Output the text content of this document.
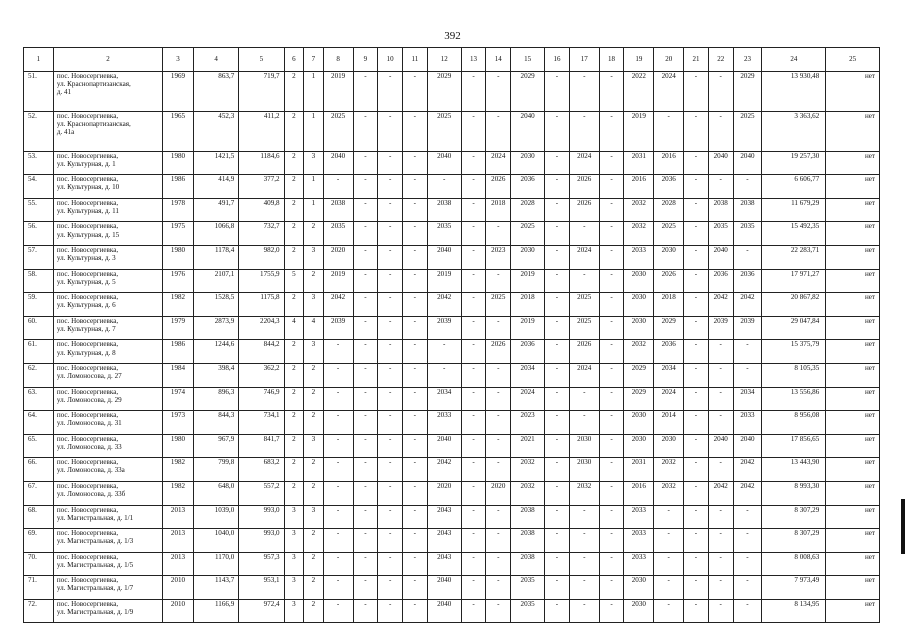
392
1	2	3	4	5	6	7	8	9	10	11	12	13	14	15	16	17	18	19	20	21	22	23	24	25
51.	пос. Новосергиевка,
ул. Краснопартизанская,
д. 41	1969	863,7	719,7	2	1	2019	-	-	-	2029	-	-	2029	-	-	-	2022	2024	-	-	2029	13 930,48	нет
52.	пос. Новосергиевка,
ул. Краснопартизанская,
д. 41а	1965	452,3	411,2	2	1	2025	-	-	-	2025	-	-	2040	-	-	-	2019	-	-	-	2025	3 363,62	нет
53.	пос. Новосергиевка,
ул. Культурная, д. 1	1980	1421,5	1184,6	2	3	2040	-	-	-	2040	-	2024	2030	-	2024	-	2031	2016	-	2040	2040	19 257,30	нет
54.	пос. Новосергиевка,
ул. Культурная, д. 10	1986	414,9	377,2	2	1	-	-	-	-	-	-	2026	2036	-	2026	-	2016	2036	-	-	-	6 606,77	нет
55.	пос. Новосергиевка,
ул. Культурная, д. 11	1978	491,7	409,8	2	1	2038	-	-	-	2038	-	2018	2028	-	2026	-	2032	2028	-	2038	2038	11 679,29	нет
56.	пос. Новосергиевка,
ул. Культурная, д. 15	1975	1066,8	732,7	2	2	2035	-	-	-	2035	-	-	2025	-	-	-	2032	2025	-	2035	2035	15 492,35	нет
57.	пос. Новосергиевка,
ул. Культурная, д. 3	1980	1178,4	982,0	2	3	2020	-	-	-	2040	-	2023	2030	-	2024	-	2033	2030	-	2040	-	22 283,71	нет
58.	пос. Новосергиевка,
ул. Культурная, д. 5	1976	2107,1	1755,9	5	2	2019	-	-	-	2019	-	-	2019	-	-	-	2030	2026	-	2036	2036	17 971,27	нет
59.	пос. Новосергиевка,
ул. Культурная, д. 6	1982	1528,5	1175,8	2	3	2042	-	-	-	2042	-	2025	2018	-	2025	-	2030	2018	-	2042	2042	20 867,82	нет
60.	пос. Новосергиевка,
ул. Культурная, д. 7	1979	2873,9	2204,3	4	4	2039	-	-	-	2039	-	-	2019	-	2025	-	2030	2029	-	2039	2039	29 047,84	нет
61.	пос. Новосергиевка,
ул. Культурная, д. 8	1986	1244,6	844,2	2	3	-	-	-	-	-	-	2026	2036	-	2026	-	2032	2036	-	-	-	15 375,79	нет
62.	пос. Новосергиевка,
ул. Ломоносова, д. 27	1984	398,4	362,2	2	2	-	-	-	-	-	-	-	2034	-	2024	-	2029	2034	-	-	-	8 105,35	нет
63.	пос. Новосергиевка,
ул. Ломоносова, д. 29	1974	896,3	746,9	2	2	-	-	-	-	2034	-	-	2024	-	-	-	2029	2024	-	-	2034	13 556,86	нет
64.	пос. Новосергиевка,
ул. Ломоносова, д. 31	1973	844,3	734,1	2	2	-	-	-	-	2033	-	-	2023	-	-	-	2030	2014	-	-	2033	8 956,08	нет
65.	пос. Новосергиевка,
ул. Ломоносова, д. 33	1980	967,9	841,7	2	3	-	-	-	-	2040	-	-	2021	-	2030	-	2030	2030	-	2040	2040	17 856,65	нет
66.	пос. Новосергиевка,
ул. Ломоносова, д. 33а	1982	799,8	683,2	2	2	-	-	-	-	2042	-	-	2032	-	2030	-	2031	2032	-	-	2042	13 443,90	нет
67.	пос. Новосергиевка,
ул. Ломоносова, д. 33б	1982	648,0	557,2	2	2	-	-	-	-	2020	-	2020	2032	-	2032	-	2016	2032	-	2042	2042	8 993,30	нет
68.	пос. Новосергиевка,
ул. Магистральная, д. 1/1	2013	1039,0	993,0	3	3	-	-	-	-	2043	-	-	2038	-	-	-	2033	-	-	-	-	8 307,29	нет
69.	пос. Новосергиевка,
ул. Магистральная, д. 1/3	2013	1040,0	993,0	3	2	-	-	-	-	2043	-	-	2038	-	-	-	2033	-	-	-	-	8 307,29	нет
70.	пос. Новосергиевка,
ул. Магистральная, д. 1/5	2013	1170,0	957,3	3	2	-	-	-	-	2043	-	-	2038	-	-	-	2033	-	-	-	-	8 008,63	нет
71.	пос. Новосергиевка,
ул. Магистральная, д. 1/7	2010	1143,7	953,1	3	2	-	-	-	-	2040	-	-	2035	-	-	-	2030	-	-	-	-	7 973,49	нет
72.	пос. Новосергиевка,
ул. Магистральная, д. 1/9	2010	1166,9	972,4	3	2	-	-	-	-	2040	-	-	2035	-	-	-	2030	-	-	-	-	8 134,95	нет
